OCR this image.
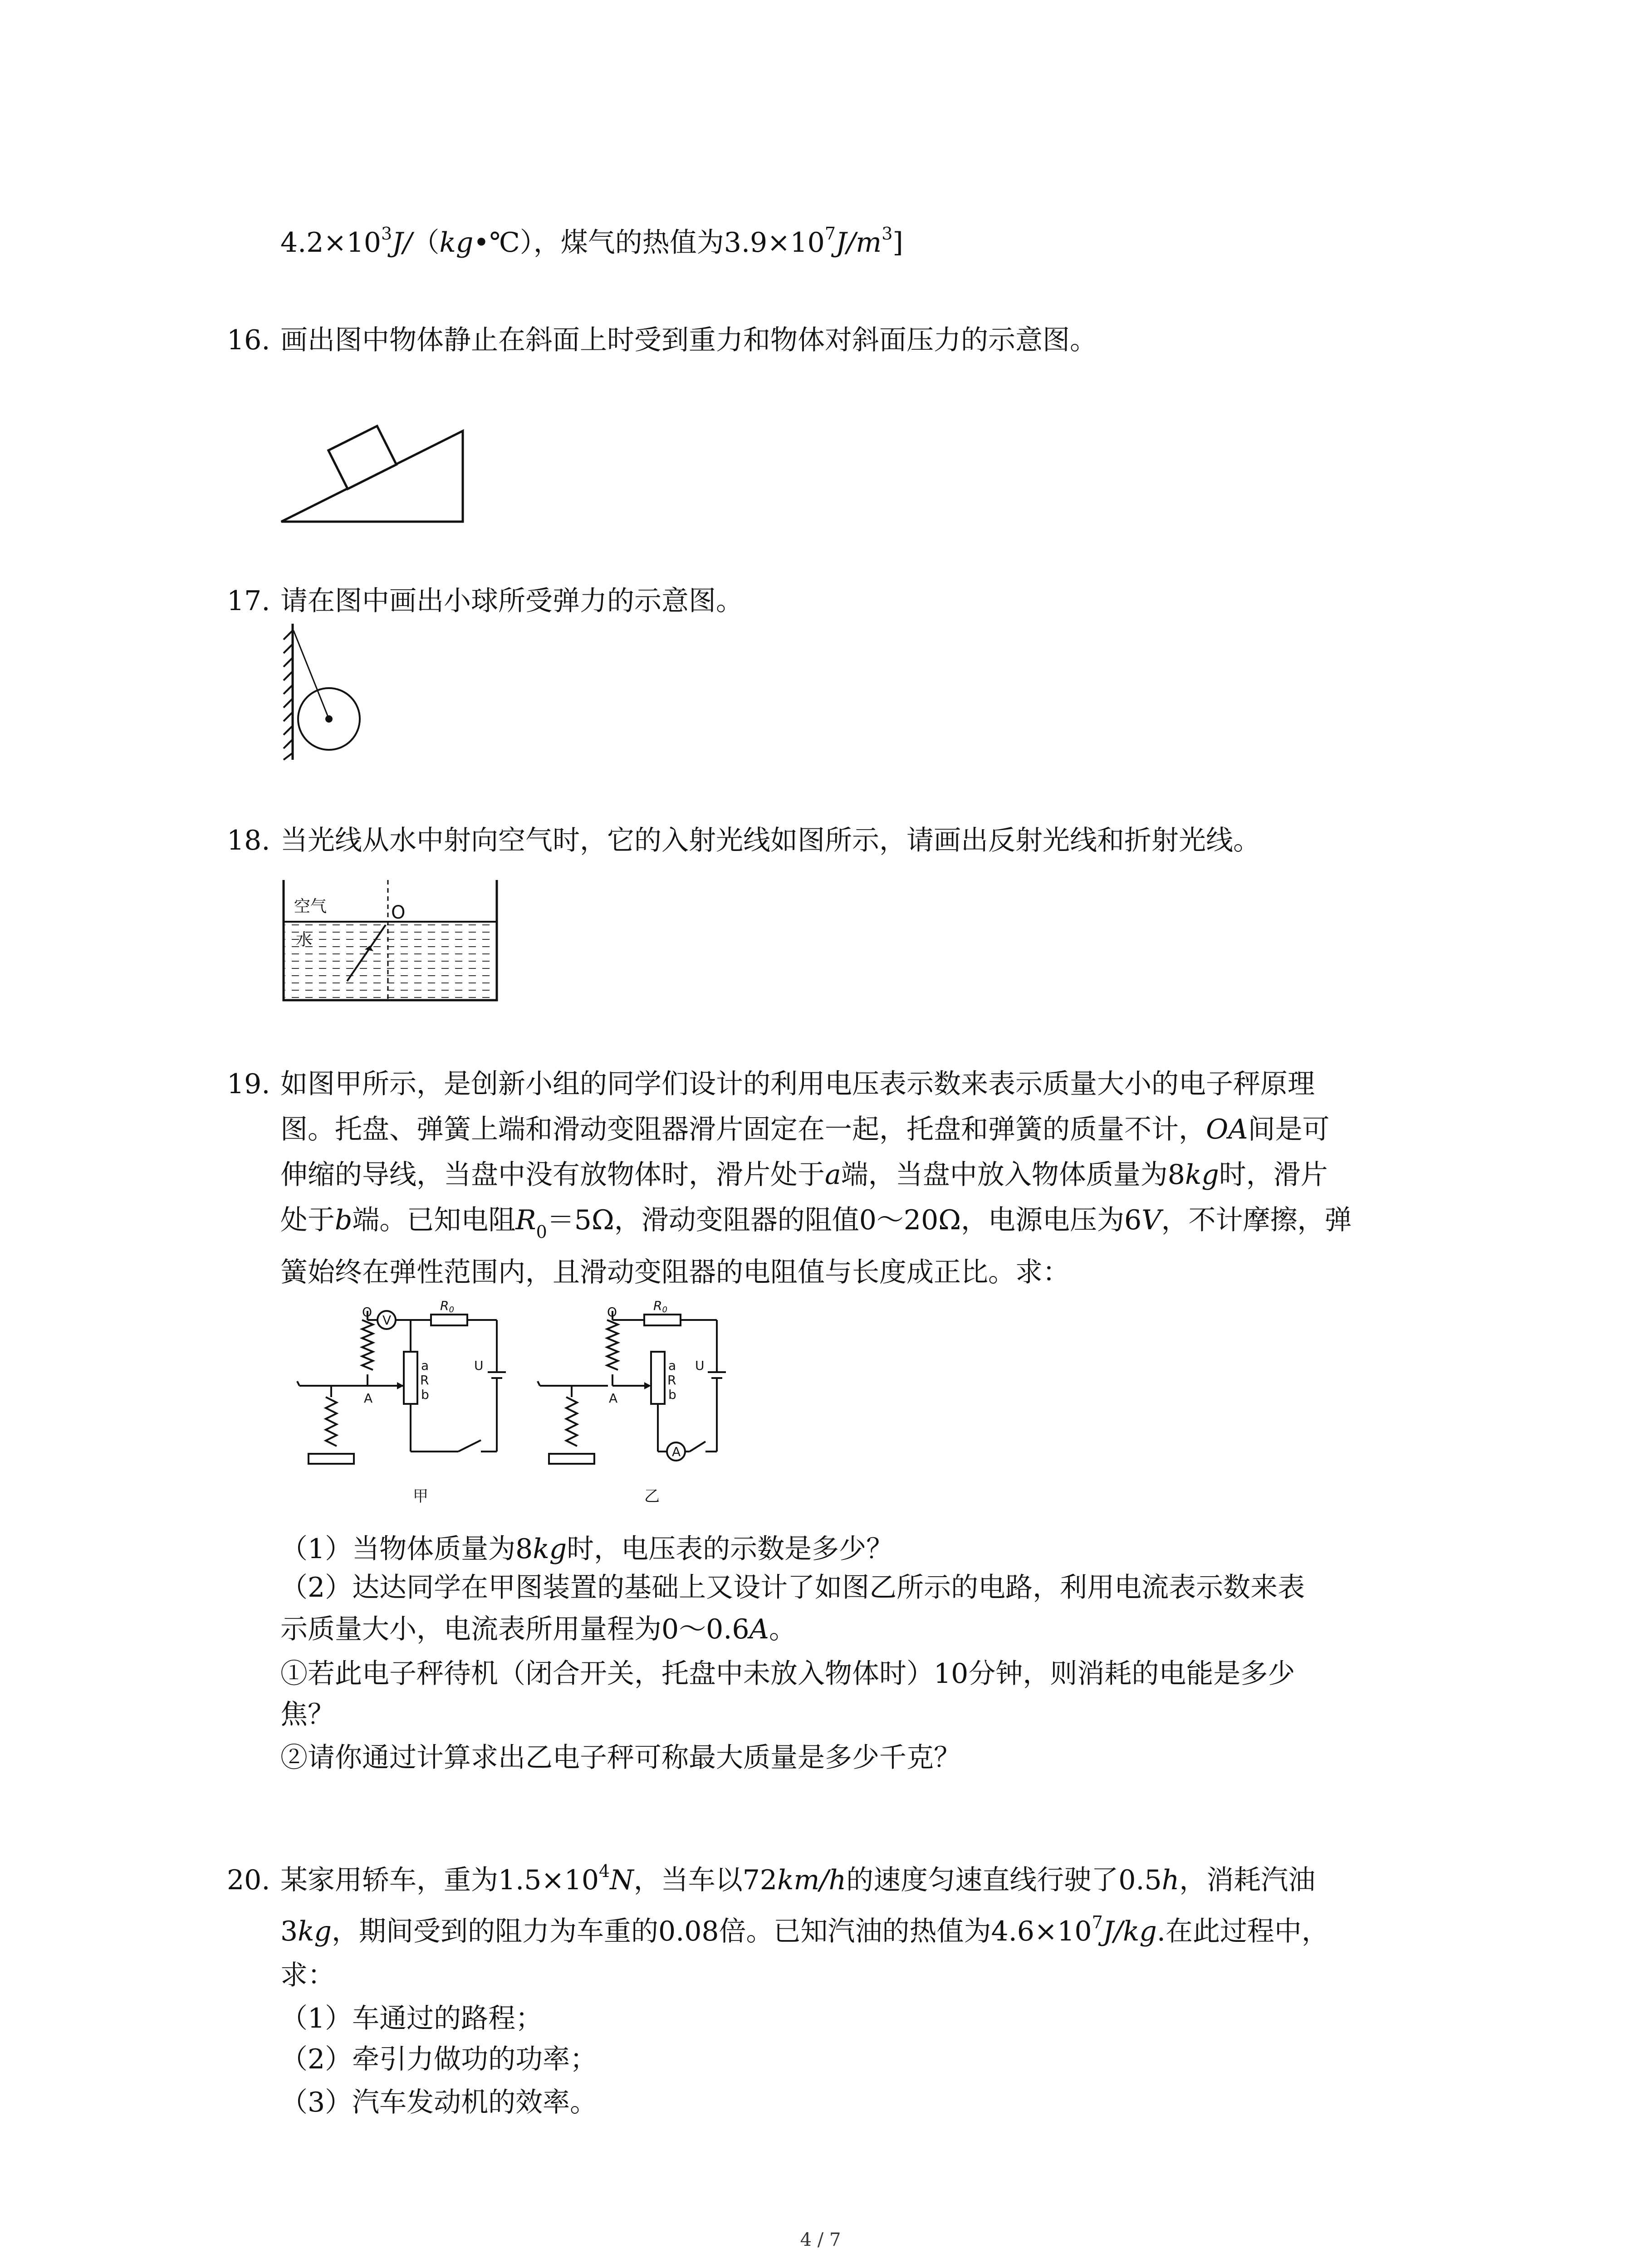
$4.2\times 10^3J/(kg•℃)$，煤气的热值为$3.9\times 10^7J/m^3$]
16. 画出图中物体静止在斜面上时受到重力和物体对斜面压力的示意图。
17. 请在图中画出小球所受弹力的示意图。
18. 当光线从水中射向空气时，它的入射光线如图所示，请画出反射光线和折射光线。
空气
水
O
19. 如图甲所示，是创新小组的同学们设计的利用电压表示数来表示质量大小的电子秤原理
图。托盘、弹簧上端和滑动变阻器滑片固定在一起，托盘和弹簧的质量不计，OA间是可
伸缩的导线，当盘中没有放物体时，滑片处于a端，当盘中放入物体质量为8kg时，滑片
处于b端。已知电阻$R_0=5\Omega$，滑动变阻器的阻值0～20Ω，电源电压为6V，不计摩擦，弹
簧始终在弹性范围内，且滑动变阻器的电阻值与长度成正比。求：
O
V
R0
A
a
R
b
U
O	R0
A
a
R
b
U
A
甲	乙
（1）当物体质量为8kg时，电压表的示数是多少？
（2）达达同学在甲图装置的基础上又设计了如图乙所示的电路，利用电流表示数来表
示质量大小，电流表所用量程为0～0.6A。
①若此电子秤待机（闭合开关，托盘中未放入物体时）10分钟，则消耗的电能是多少
焦？
②请你通过计算求出乙电子秤可称最大质量是多少千克？
20. 某家用轿车，重为$1.5\times 10^4N$，当车以72km/h的速度匀速直线行驶了0.5h，消耗汽油
3kg，期间受到的阻力为车重的0.08倍。已知汽油的热值为$4.6\times 10^7J/kg$.在此过程中，
求：
（1）车通过的路程；
（2）牵引力做功的功率；
（3）汽车发动机的效率。
4 / 7
